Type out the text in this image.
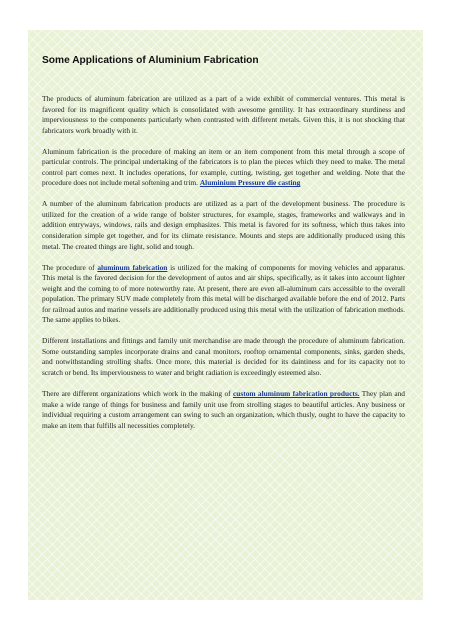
Some Applications of Aluminium Fabrication

The products of aluminum fabrication are utilized as a part of a wide exhibit of commercial ventures. This metal is favored for its magnificent quality which is consolidated with awesome gentility. It has extraordinary sturdiness and imperviousness to the components particularly when contrasted with different metals. Given this, it is not shocking that fabricators work broadly with it.

Aluminum fabrication is the procedure of making an item or an item component from this metal through a scope of particular controls. The principal undertaking of the fabricators is to plan the pieces which they need to make. The metal control part comes next. It includes operations, for example, cutting, twisting, get together and welding. Note that the procedure does not include metal softening and trim. Aluminium Pressure die casting

A number of the aluminum fabrication products are utilized as a part of the development business. The procedure is utilized for the creation of a wide range of bolster structures, for example, stages, frameworks and walkways and in addition entryways, windows, rails and design emphasizes. This metal is favored for its softness, which thus takes into consideration simple get together, and for its climate resistance. Mounts and steps are additionally produced using this metal. The created things are light, solid and tough.

The procedure of aluminum fabrication is utilized for the making of components for moving vehicles and apparatus. This metal is the favored decision for the development of autos and air ships, specifically, as it takes into account lighter weight and the coming to of more noteworthy rate. At present, there are even all-aluminum cars accessible to the overall population. The primary SUV made completely from this metal will be discharged available before the end of 2012. Parts for railroad autos and marine vessels are additionally produced using this metal with the utilization of fabrication methods. The same applies to bikes.

Different installations and fittings and family unit merchandise are made through the procedure of aluminum fabrication. Some outstanding samples incorporate drains and canal monitors, rooftop ornamental components, sinks, garden sheds, and notwithstanding strolling shafts. Once more, this material is decided for its daintiness and for its capacity not to scratch or bend. Its imperviousness to water and bright radiation is exceedingly esteemed also.

There are different organizations which work in the making of custom aluminum fabrication products. They plan and make a wide range of things for business and family unit use from strolling stages to beautiful articles. Any business or individual requiring a custom arrangement can swing to such an organization, which thusly, ought to have the capacity to make an item that fulfills all necessities completely.
